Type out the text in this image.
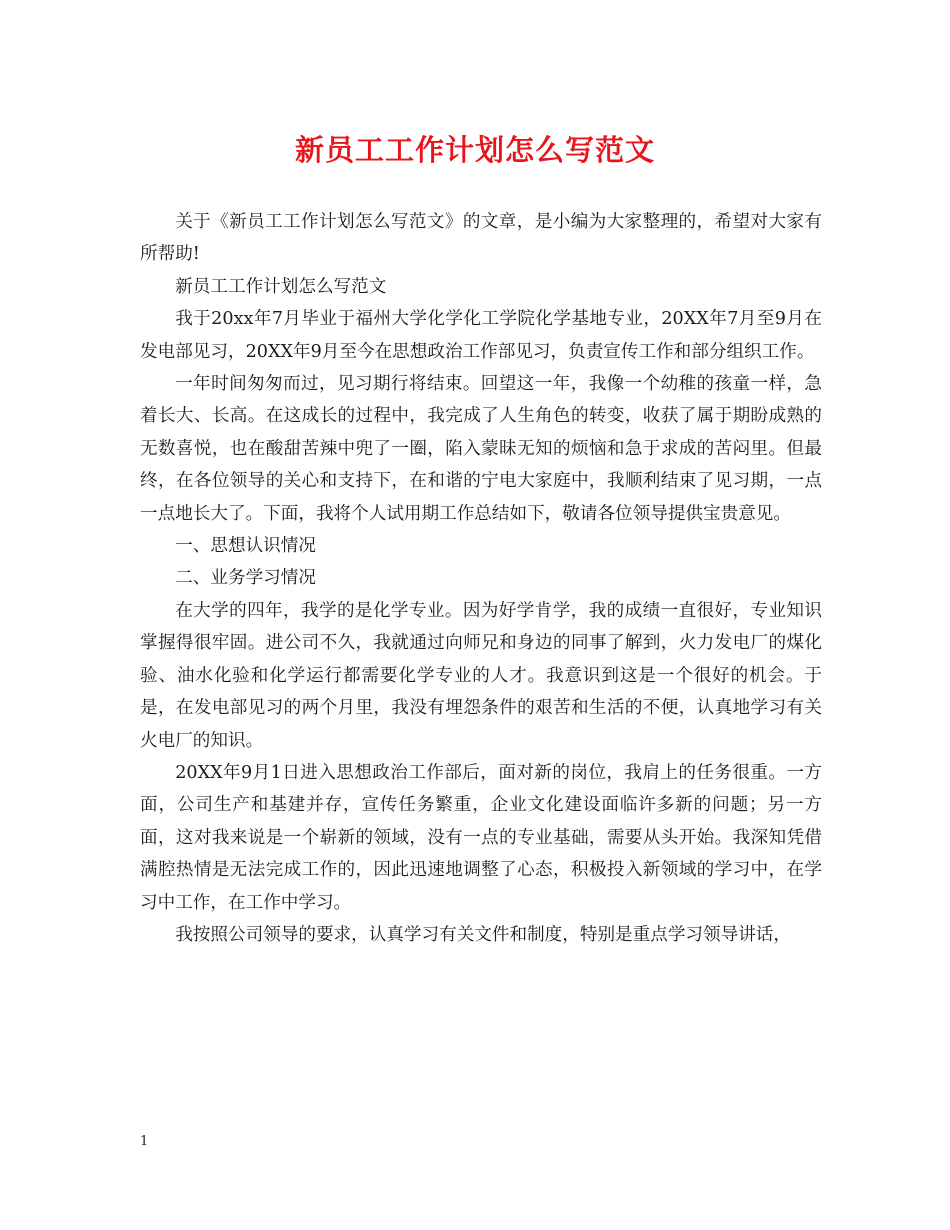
新员工工作计划怎么写范文

关于《新员工工作计划怎么写范文》的文章，是小编为大家整理的，希望对大家有所帮助!

新员工工作计划怎么写范文

我于20xx年7月毕业于福州大学化学化工学院化学基地专业，20XX年7月至9月在发电部见习，20XX年9月至今在思想政治工作部见习，负责宣传工作和部分组织工作。

一年时间匆匆而过，见习期行将结束。回望这一年，我像一个幼稚的孩童一样，急着长大、长高。在这成长的过程中，我完成了人生角色的转变，收获了属于期盼成熟的无数喜悦，也在酸甜苦辣中兜了一圈，陷入蒙昧无知的烦恼和急于求成的苦闷里。但最终，在各位领导的关心和支持下，在和谐的宁电大家庭中，我顺利结束了见习期，一点一点地长大了。下面，我将个人试用期工作总结如下，敬请各位领导提供宝贵意见。

一、思想认识情况

二、业务学习情况

在大学的四年，我学的是化学专业。因为好学肯学，我的成绩一直很好，专业知识掌握得很牢固。进公司不久，我就通过向师兄和身边的同事了解到，火力发电厂的煤化验、油水化验和化学运行都需要化学专业的人才。我意识到这是一个很好的机会。于是，在发电部见习的两个月里，我没有埋怨条件的艰苦和生活的不便，认真地学习有关火电厂的知识。

20XX年9月1日进入思想政治工作部后，面对新的岗位，我肩上的任务很重。一方面，公司生产和基建并存，宣传任务繁重，企业文化建设面临许多新的问题；另一方面，这对我来说是一个崭新的领域，没有一点的专业基础，需要从头开始。我深知凭借满腔热情是无法完成工作的，因此迅速地调整了心态，积极投入新领域的学习中，在学习中工作，在工作中学习。

我按照公司领导的要求，认真学习有关文件和制度，特别是重点学习领导讲话，

1
